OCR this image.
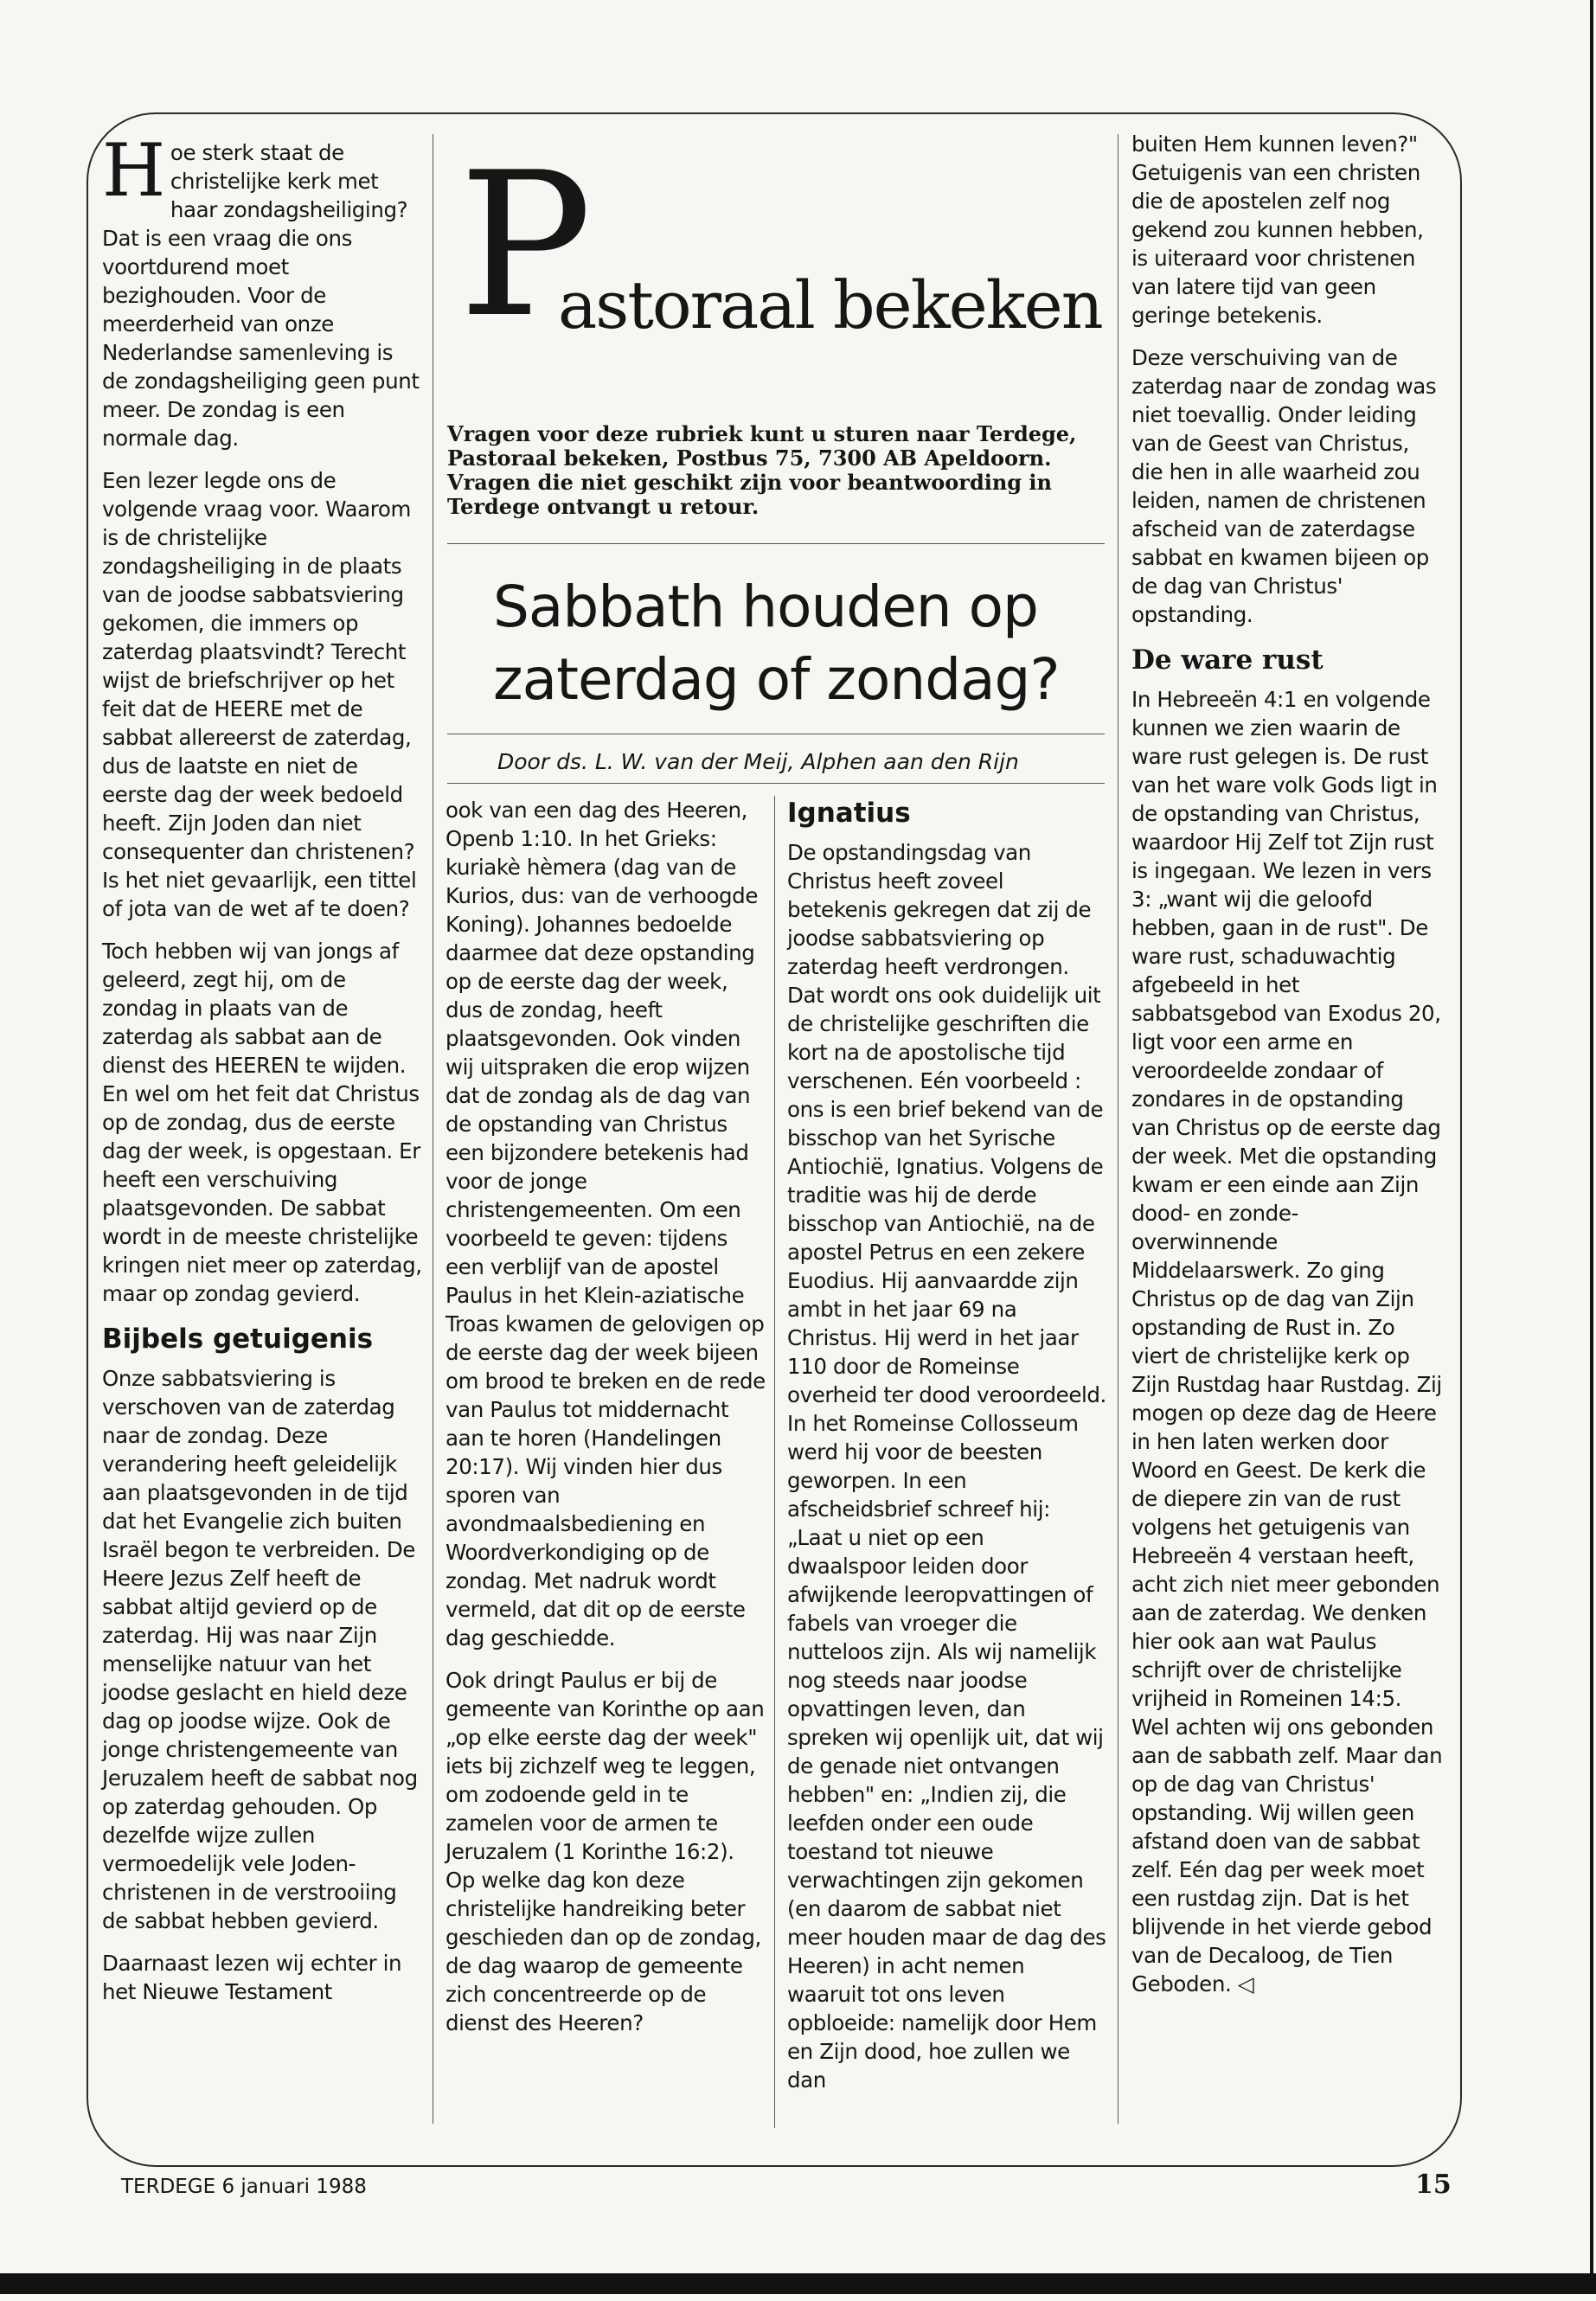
P
astoraal bekeken
Vragen voor deze rubriek kunt u sturen naar Terdege, Pastoraal bekeken, Postbus 75, 7300 AB Apeldoorn. Vragen die niet geschikt zijn voor beantwoording in Terdege ontvangt u retour.
Sabbath houden op
zaterdag of zondag?
Door ds. L. W. van der Meij, Alphen aan den Rijn

Hoe sterk staat de christelijke kerk met haar zondagsheiliging? Dat is een vraag die ons voortdurend moet bezighouden. Voor de meerderheid van onze Nederlandse samenleving is de zondagsheiliging geen punt meer. De zondag is een normale dag.

Een lezer legde ons de volgende vraag voor. Waarom is de christelijke zondagsheiliging in de plaats van de joodse sabbatsviering gekomen, die immers op zaterdag plaatsvindt? Terecht wijst de briefschrijver op het feit dat de HEERE met de sabbat allereerst de zaterdag, dus de laatste en niet de eerste dag der week bedoeld heeft. Zijn Joden dan niet consequenter dan christenen? Is het niet gevaarlijk, een tittel of jota van de wet af te doen?

Toch hebben wij van jongs af geleerd, zegt hij, om de zondag in plaats van de zaterdag als sabbat aan de dienst des HEEREN te wijden. En wel om het feit dat Christus op de zondag, dus de eerste dag der week, is opgestaan. Er heeft een verschuiving plaatsgevonden. De sabbat wordt in de meeste christelijke kringen niet meer op zaterdag, maar op zondag gevierd.

Bijbels getuigenis

Onze sabbatsviering is verschoven van de zaterdag naar de zondag. Deze verandering heeft geleidelijk aan plaatsgevonden in de tijd dat het Evangelie zich buiten Israël begon te verbreiden. De Heere Jezus Zelf heeft de sabbat altijd gevierd op de zaterdag. Hij was naar Zijn menselijke natuur van het joodse geslacht en hield deze dag op joodse wijze. Ook de jonge christengemeente van Jeruzalem heeft de sabbat nog op zaterdag gehouden. Op dezelfde wijze zullen vermoedelijk vele Joden-christenen in de verstrooiing de sabbat hebben gevierd.

Daarnaast lezen wij echter in het Nieuwe Testament

ook van een dag des Heeren, Openb 1:10. In het Grieks: kuriakè hèmera (dag van de Kurios, dus: van de verhoogde Koning). Johannes bedoelde daarmee dat deze opstanding op de eerste dag der week, dus de zondag, heeft plaatsgevonden. Ook vinden wij uitspraken die erop wijzen dat de zondag als de dag van de opstanding van Christus een bijzondere betekenis had voor de jonge christengemeenten. Om een voorbeeld te geven: tijdens een verblijf van de apostel Paulus in het Klein-aziatische Troas kwamen de gelovigen op de eerste dag der week bijeen om brood te breken en de rede van Paulus tot middernacht aan te horen (Handelingen 20:17). Wij vinden hier dus sporen van avondmaalsbediening en Woordverkondiging op de zondag. Met nadruk wordt vermeld, dat dit op de eerste dag geschiedde.

Ook dringt Paulus er bij de gemeente van Korinthe op aan „op elke eerste dag der week" iets bij zichzelf weg te leggen, om zodoende geld in te zamelen voor de armen te Jeruzalem (1 Korinthe 16:2). Op welke dag kon deze christelijke handreiking beter geschieden dan op de zondag, de dag waarop de gemeente zich concentreerde op de dienst des Heeren?

Ignatius

De opstandingsdag van Christus heeft zoveel betekenis gekregen dat zij de joodse sabbatsviering op zaterdag heeft verdrongen. Dat wordt ons ook duidelijk uit de christelijke geschriften die kort na de apostolische tijd verschenen. Eén voorbeeld : ons is een brief bekend van de bisschop van het Syrische Antiochië, Ignatius. Volgens de traditie was hij de derde bisschop van Antiochië, na de apostel Petrus en een zekere Euodius. Hij aanvaardde zijn ambt in het jaar 69 na Christus. Hij werd in het jaar 110 door de Romeinse overheid ter dood veroordeeld. In het Romeinse Collosseum werd hij voor de beesten geworpen. In een afscheidsbrief schreef hij: „Laat u niet op een dwaalspoor leiden door afwijkende leeropvattingen of fabels van vroeger die nutteloos zijn. Als wij namelijk nog steeds naar joodse opvattingen leven, dan spreken wij openlijk uit, dat wij de genade niet ontvangen hebben" en: „Indien zij, die leefden onder een oude toestand tot nieuwe verwachtingen zijn gekomen (en daarom de sabbat niet meer houden maar de dag des Heeren) in acht nemen waaruit tot ons leven opbloeide: namelijk door Hem en Zijn dood, hoe zullen we dan

buiten Hem kunnen leven?" Getuigenis van een christen die de apostelen zelf nog gekend zou kunnen hebben, is uiteraard voor christenen van latere tijd van geen geringe betekenis.

Deze verschuiving van de zaterdag naar de zondag was niet toevallig. Onder leiding van de Geest van Christus, die hen in alle waarheid zou leiden, namen de christenen afscheid van de zaterdagse sabbat en kwamen bijeen op de dag van Christus' opstanding.

De ware rust

In Hebreeën 4:1 en volgende kunnen we zien waarin de ware rust gelegen is. De rust van het ware volk Gods ligt in de opstanding van Christus, waardoor Hij Zelf tot Zijn rust is ingegaan. We lezen in vers 3: „want wij die geloofd hebben, gaan in de rust". De ware rust, schaduwachtig afgebeeld in het sabbatsgebod van Exodus 20, ligt voor een arme en veroordeelde zondaar of zondares in de opstanding van Christus op de eerste dag der week. Met die opstanding kwam er een einde aan Zijn dood- en zonde-overwinnende Middelaarswerk. Zo ging Christus op de dag van Zijn opstanding de Rust in. Zo viert de christelijke kerk op Zijn Rustdag haar Rustdag. Zij mogen op deze dag de Heere in hen laten werken door Woord en Geest. De kerk die de diepere zin van de rust volgens het getuigenis van Hebreeën 4 verstaan heeft, acht zich niet meer gebonden aan de zaterdag. We denken hier ook aan wat Paulus schrijft over de christelijke vrijheid in Romeinen 14:5. Wel achten wij ons gebonden aan de sabbath zelf. Maar dan op de dag van Christus' opstanding. Wij willen geen afstand doen van de sabbat zelf. Eén dag per week moet een rustdag zijn. Dat is het blijvende in het vierde gebod van de Decaloog, de Tien Geboden. ◁

TERDEGE 6 januari 1988	15
